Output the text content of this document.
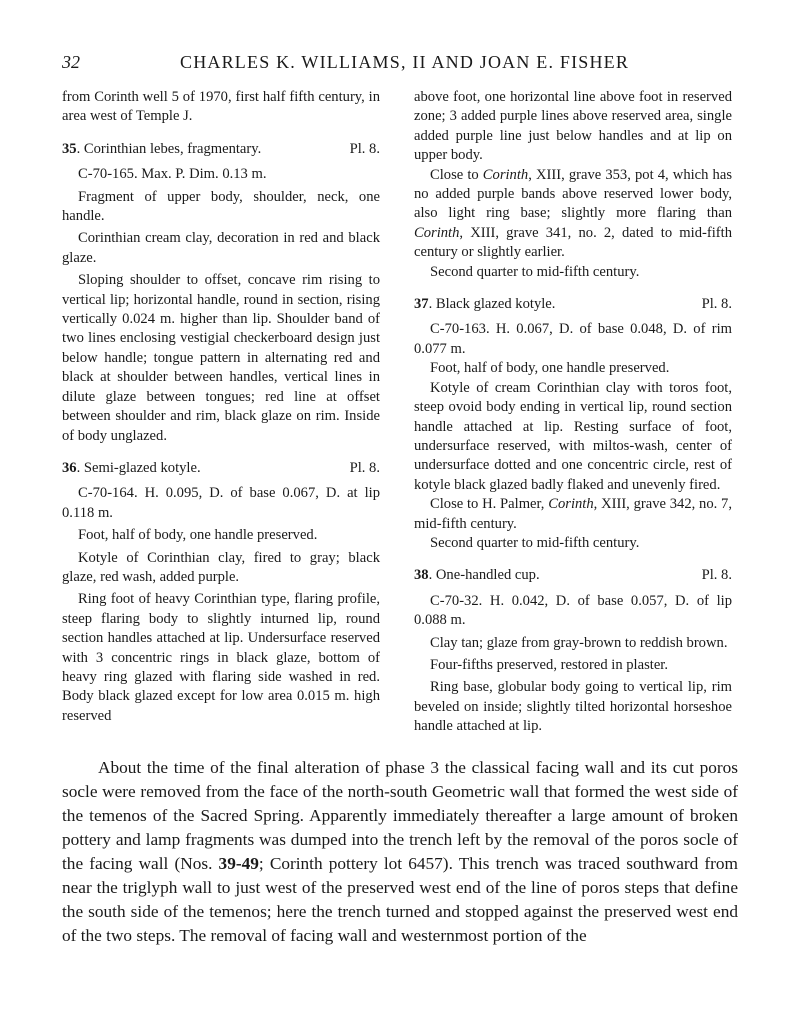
32	CHARLES K. WILLIAMS, II AND JOAN E. FISHER

from Corinth well 5 of 1970, first half fifth century, in area west of Temple J.

35. Corinthian lebes, fragmentary.	Pl. 8.

C-70-165. Max. P. Dim. 0.13 m.

Fragment of upper body, shoulder, neck, one handle.

Corinthian cream clay, decoration in red and black glaze.

Sloping shoulder to offset, concave rim rising to vertical lip; horizontal handle, round in section, rising vertically 0.024 m. higher than lip. Shoulder band of two lines enclosing vestigial checkerboard design just below handle; tongue pattern in alternating red and black at shoulder between handles, vertical lines in dilute glaze between tongues; red line at offset between shoulder and rim, black glaze on rim. Inside of body unglazed.

36. Semi-glazed kotyle.	Pl. 8.

C-70-164. H. 0.095, D. of base 0.067, D. at lip 0.118 m.

Foot, half of body, one handle preserved.

Kotyle of Corinthian clay, fired to gray; black glaze, red wash, added purple.

Ring foot of heavy Corinthian type, flaring profile, steep flaring body to slightly inturned lip, round section handles attached at lip. Undersurface reserved with 3 concentric rings in black glaze, bottom of heavy ring glazed with flaring side washed in red. Body black glazed except for low area 0.015 m. high reserved

above foot, one horizontal line above foot in reserved zone; 3 added purple lines above reserved area, single added purple line just below handles and at lip on upper body.

Close to Corinth, XIII, grave 353, pot 4, which has no added purple bands above reserved lower body, also light ring base; slightly more flaring than Corinth, XIII, grave 341, no. 2, dated to mid-fifth century or slightly earlier.

Second quarter to mid-fifth century.

37. Black glazed kotyle.	Pl. 8.

C-70-163. H. 0.067, D. of base 0.048, D. of rim 0.077 m.

Foot, half of body, one handle preserved.

Kotyle of cream Corinthian clay with toros foot, steep ovoid body ending in vertical lip, round section handle attached at lip. Resting surface of foot, undersurface reserved, with miltos-wash, center of undersurface dotted and one concentric circle, rest of kotyle black glazed badly flaked and unevenly fired.

Close to H. Palmer, Corinth, XIII, grave 342, no. 7, mid-fifth century.

Second quarter to mid-fifth century.

38. One-handled cup.	Pl. 8.

C-70-32. H. 0.042, D. of base 0.057, D. of lip 0.088 m.

Clay tan; glaze from gray-brown to reddish brown.

Four-fifths preserved, restored in plaster.

Ring base, globular body going to vertical lip, rim beveled on inside; slightly tilted horizontal horseshoe handle attached at lip.

About the time of the final alteration of phase 3 the classical facing wall and its cut poros socle were removed from the face of the north-south Geometric wall that formed the west side of the temenos of the Sacred Spring. Apparently immediately thereafter a large amount of broken pottery and lamp fragments was dumped into the trench left by the removal of the poros socle of the facing wall (Nos. 39-49; Corinth pottery lot 6457). This trench was traced southward from near the triglyph wall to just west of the preserved west end of the line of poros steps that define the south side of the temenos; here the trench turned and stopped against the preserved west end of the two steps. The removal of facing wall and westernmost portion of the
